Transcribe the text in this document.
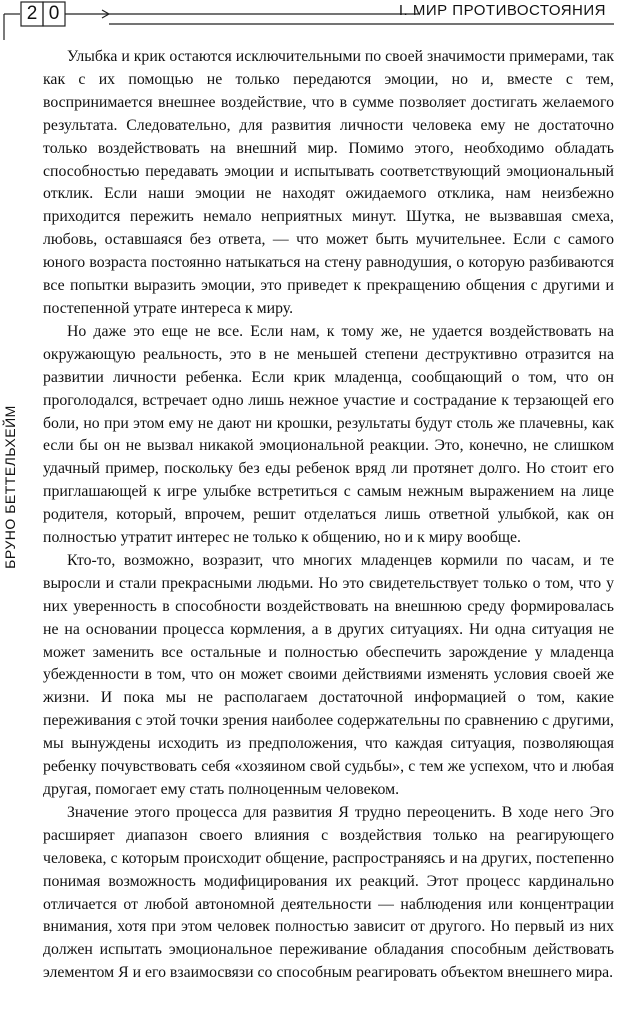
2 0	I. МИР ПРОТИВОСТОЯНИЯ
БРУНО БЕТТЕЛЬХЕЙМ

Улыбка и крик остаются исключительными по своей значимости примерами, так как с их помощью не только передаются эмоции, но и, вместе с тем, воспринимается внешнее воздействие, что в сумме позволяет достигать желаемого результата. Следовательно, для развития личности человека ему не достаточно только воздействовать на внешний мир. Помимо этого, необходимо обладать способностью передавать эмоции и испытывать соответствующий эмоциональный отклик. Если наши эмоции не находят ожидаемого отклика, нам неизбежно приходится пережить немало неприятных минут. Шутка, не вызвавшая смеха, любовь, оставшаяся без ответа, — что может быть мучительнее. Если с самого юного возраста постоянно натыкаться на стену равнодушия, о которую разбиваются все попытки выразить эмоции, это приведет к прекращению общения с другими и постепенной утрате интереса к миру.

Но даже это еще не все. Если нам, к тому же, не удается воздействовать на окружающую реальность, это в не меньшей степени деструктивно отразится на развитии личности ребенка. Если крик младенца, сообщающий о том, что он проголодался, встречает одно лишь нежное участие и сострадание к терзающей его боли, но при этом ему не дают ни крошки, результаты будут столь же плачевны, как если бы он не вызвал никакой эмоциональной реакции. Это, конечно, не слишком удачный пример, поскольку без еды ребенок вряд ли протянет долго. Но стоит его приглашающей к игре улыбке встретиться с самым нежным выражением на лице родителя, который, впрочем, решит отделаться лишь ответной улыбкой, как он полностью утратит интерес не только к общению, но и к миру вообще.

Кто-то, возможно, возразит, что многих младенцев кормили по часам, и те выросли и стали прекрасными людьми. Но это свидетельствует только о том, что у них уверенность в способности воздействовать на внешнюю среду формировалась не на основании процесса кормления, а в других ситуациях. Ни одна ситуация не может заменить все остальные и полностью обеспечить зарождение у младенца убежденности в том, что он может своими действиями изменять условия своей же жизни. И пока мы не располагаем достаточной информацией о том, какие переживания с этой точки зрения наиболее содержательны по сравнению с другими, мы вынуждены исходить из предположения, что каждая ситуация, позволяющая ребенку почувствовать себя «хозяином свой судьбы», с тем же успехом, что и любая другая, помогает ему стать полноценным человеком.

Значение этого процесса для развития Я трудно переоценить. В ходе него Эго расширяет диапазон своего влияния с воздействия только на реагирующего человека, с которым происходит общение, распространяясь и на других, постепенно понимая возможность модифицирования их реакций. Этот процесс кардинально отличается от любой автономной деятельности — наблюдения или концентрации внимания, хотя при этом человек полностью зависит от другого. Но первый из них должен испытать эмоциональное переживание обладания способным действовать элементом Я и его взаимосвязи со способным реагировать объектом внешнего мира.
